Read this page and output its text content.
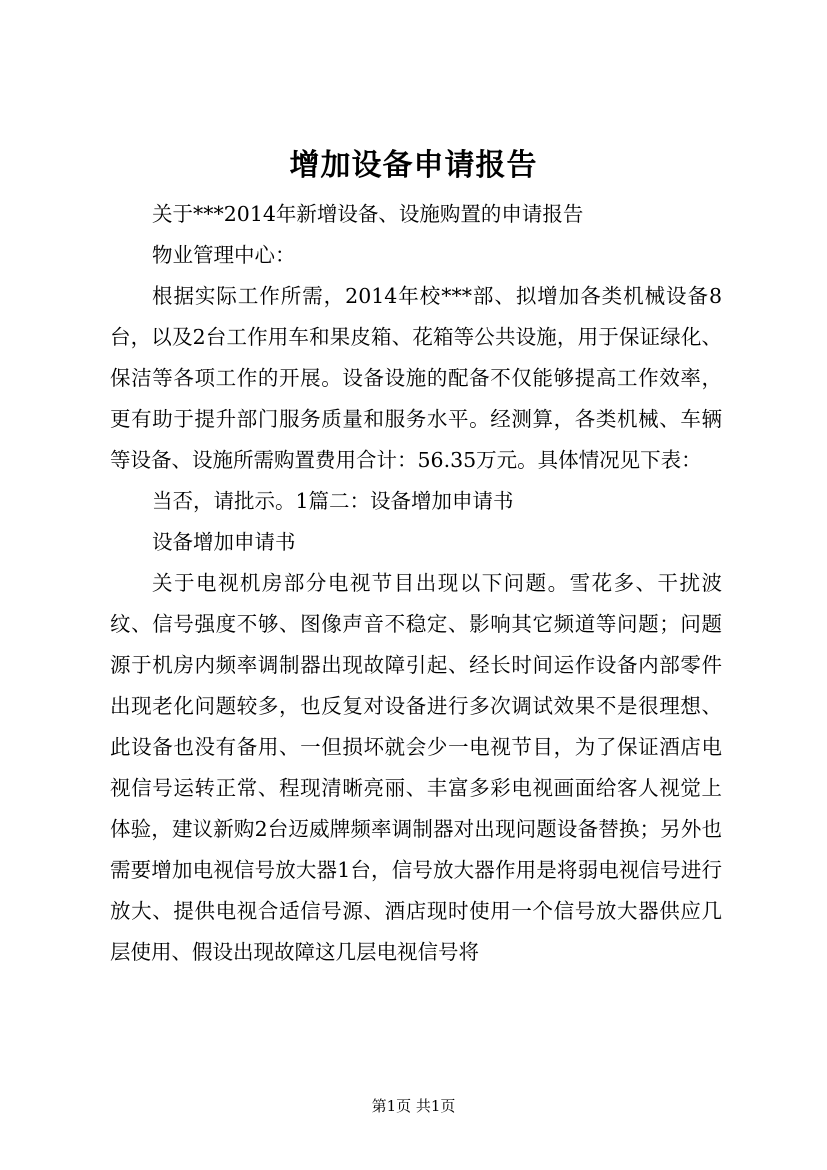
增加设备申请报告

关于***2014年新增设备、设施购置的申请报告

物业管理中心：

根据实际工作所需，2014年校***部、拟增加各类机械设备8台，以及2台工作用车和果皮箱、花箱等公共设施，用于保证绿化、保洁等各项工作的开展。设备设施的配备不仅能够提高工作效率，更有助于提升部门服务质量和服务水平。经测算，各类机械、车辆等设备、设施所需购置费用合计：56.35万元。具体情况见下表：

当否，请批示。1篇二：设备增加申请书

设备增加申请书

关于电视机房部分电视节目出现以下问题。雪花多、干扰波纹、信号强度不够、图像声音不稳定、影响其它频道等问题；问题源于机房内频率调制器出现故障引起、经长时间运作设备内部零件出现老化问题较多，也反复对设备进行多次调试效果不是很理想、此设备也没有备用、一但损坏就会少一电视节目，为了保证酒店电视信号运转正常、程现清晰亮丽、丰富多彩电视画面给客人视觉上体验，建议新购2台迈威牌频率调制器对出现问题设备替换；另外也需要增加电视信号放大器1台，信号放大器作用是将弱电视信号进行放大、提供电视合适信号源、酒店现时使用一个信号放大器供应几层使用、假设出现故障这几层电视信号将

第1页 共1页
